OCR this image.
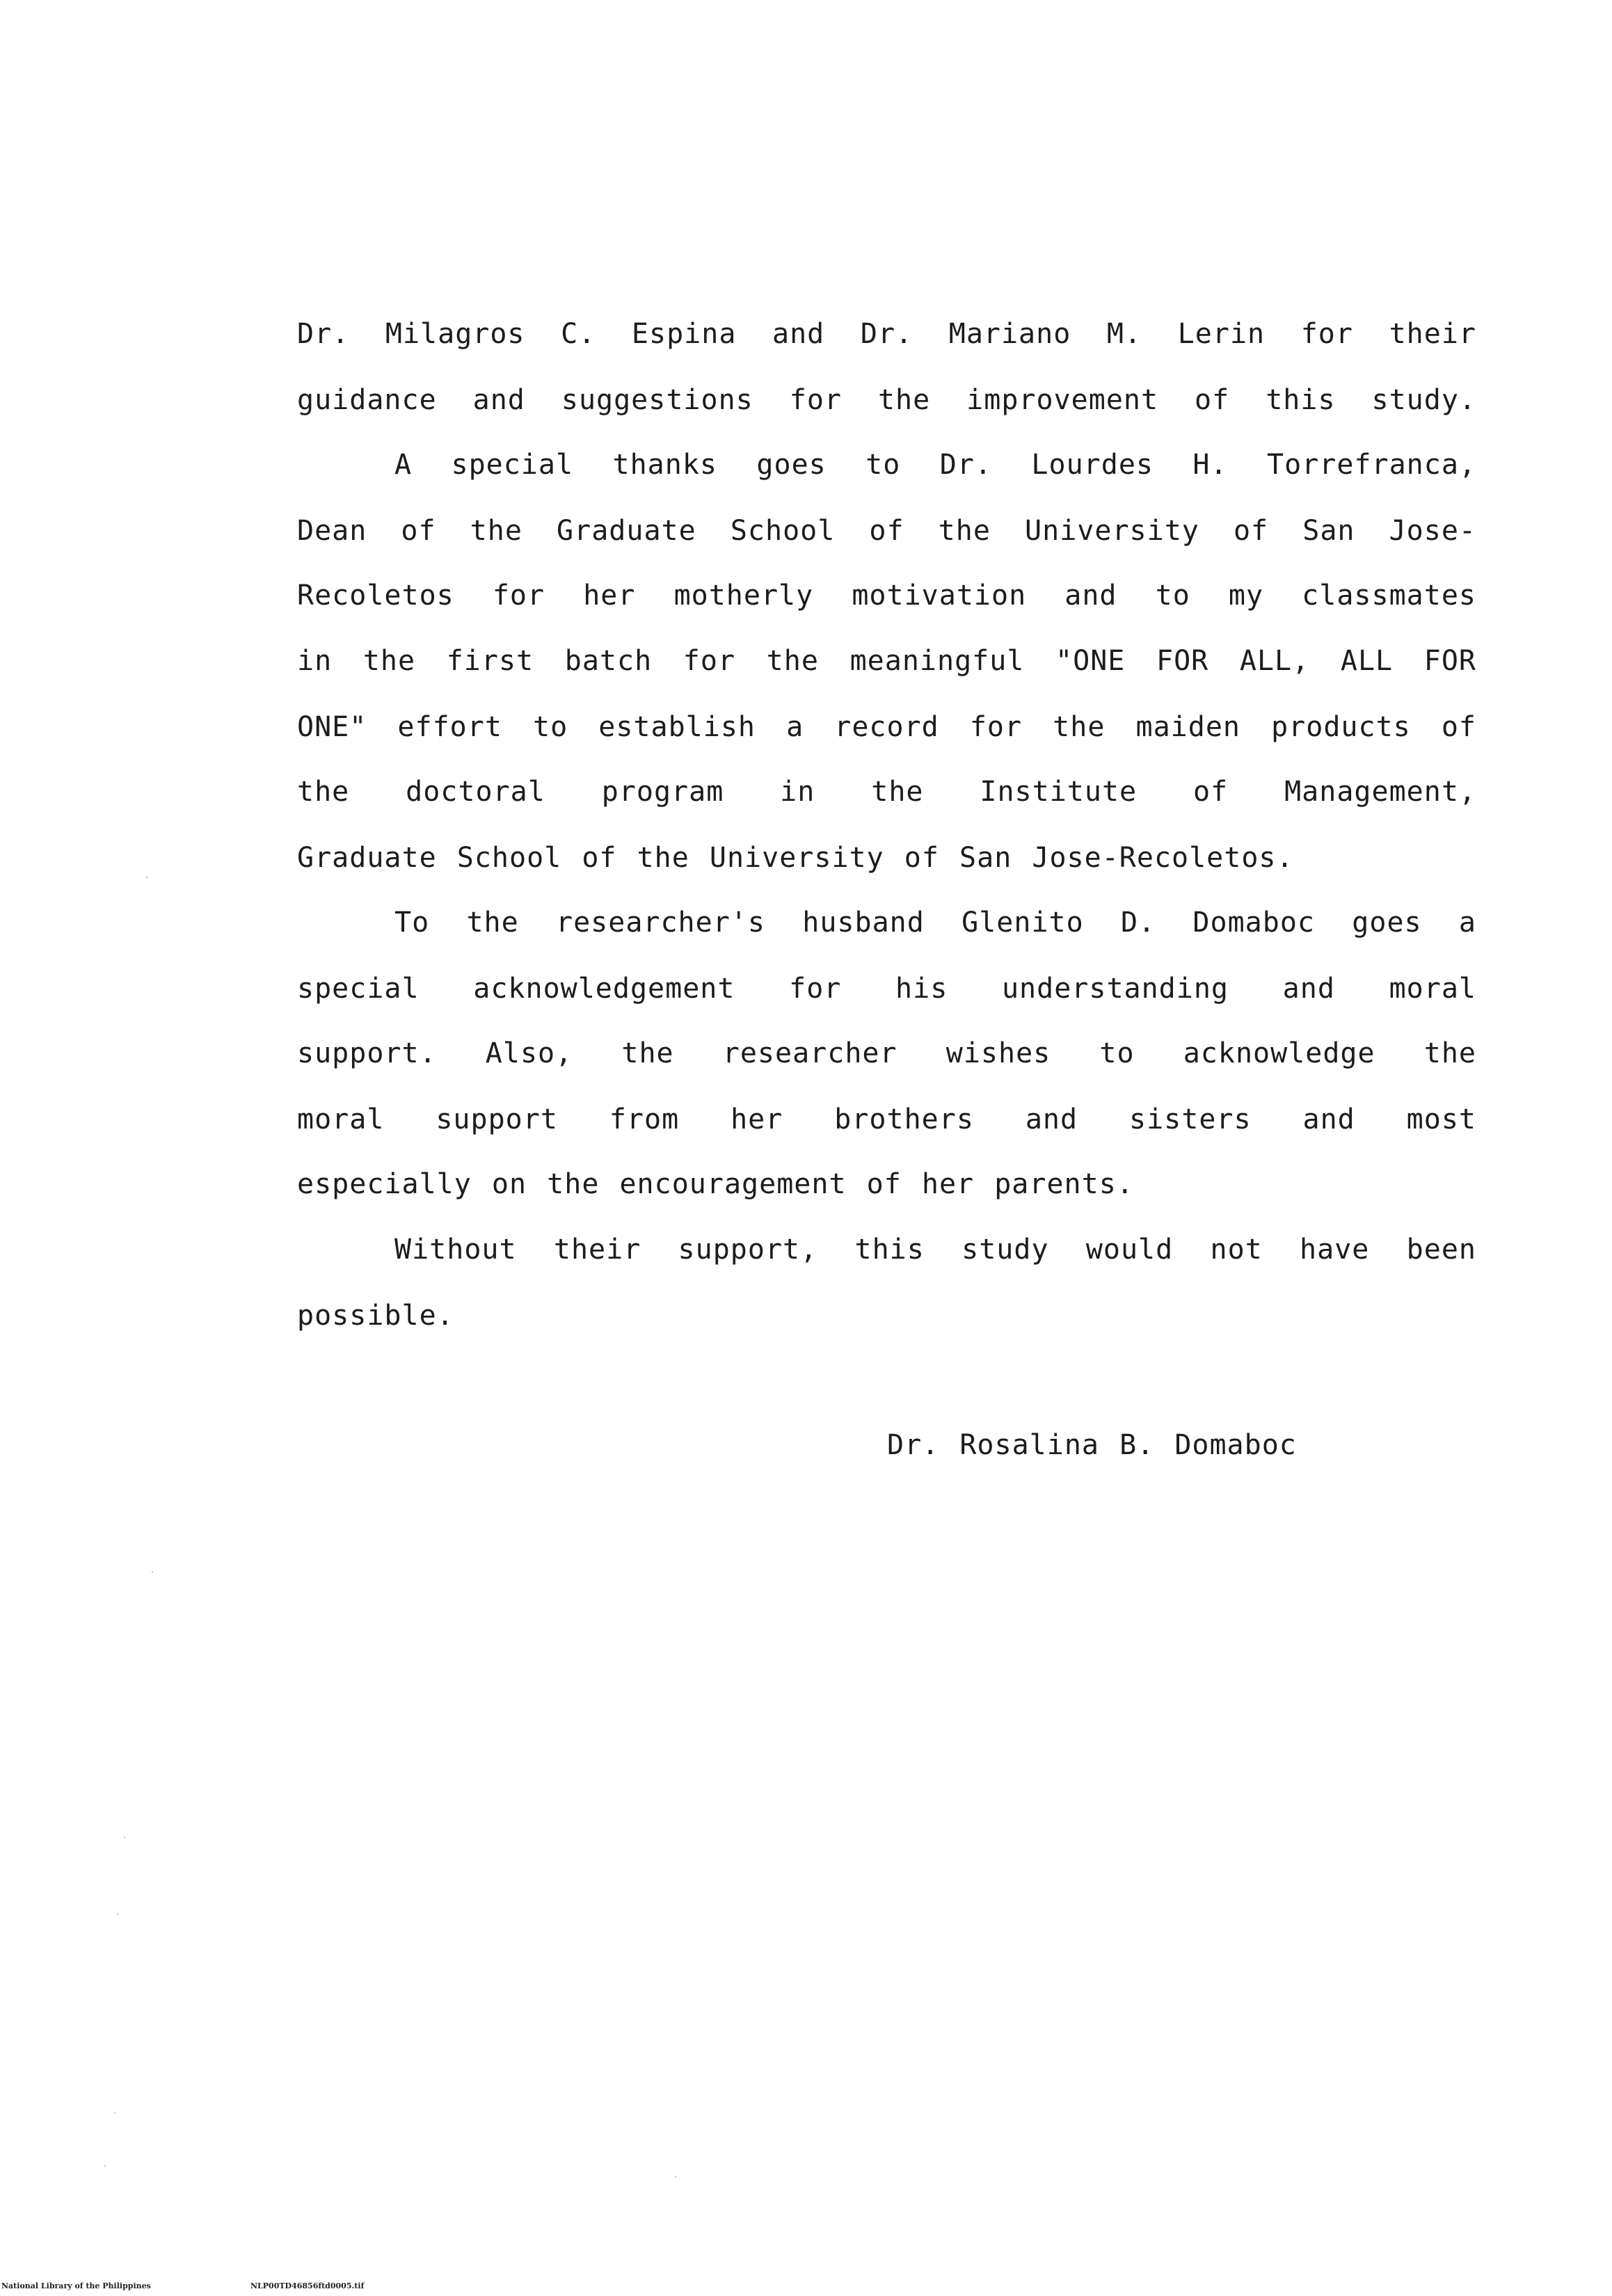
Dr. Milagros C. Espina and Dr. Mariano M. Lerin for their
guidance and suggestions for the improvement of this study.
A special thanks goes to Dr. Lourdes H. Torrefranca,
Dean of the Graduate School of the University of San Jose-
Recoletos for her motherly motivation and to my classmates
in the first batch for the meaningful "ONE FOR ALL, ALL FOR
ONE" effort to establish a record for the maiden products of
the doctoral program in the Institute of Management,
Graduate School of the University of San Jose-Recoletos.
To the researcher's husband Glenito D. Domaboc goes a
special acknowledgement for his understanding and moral
support. Also, the researcher wishes to acknowledge the
moral support from her brothers and sisters and most
especially on the encouragement of her parents.
Without their support, this study would not have been
possible.
Dr. Rosalina B. Domaboc
National Library of the Philippines	NLP00TD46856ftd0005.tif
